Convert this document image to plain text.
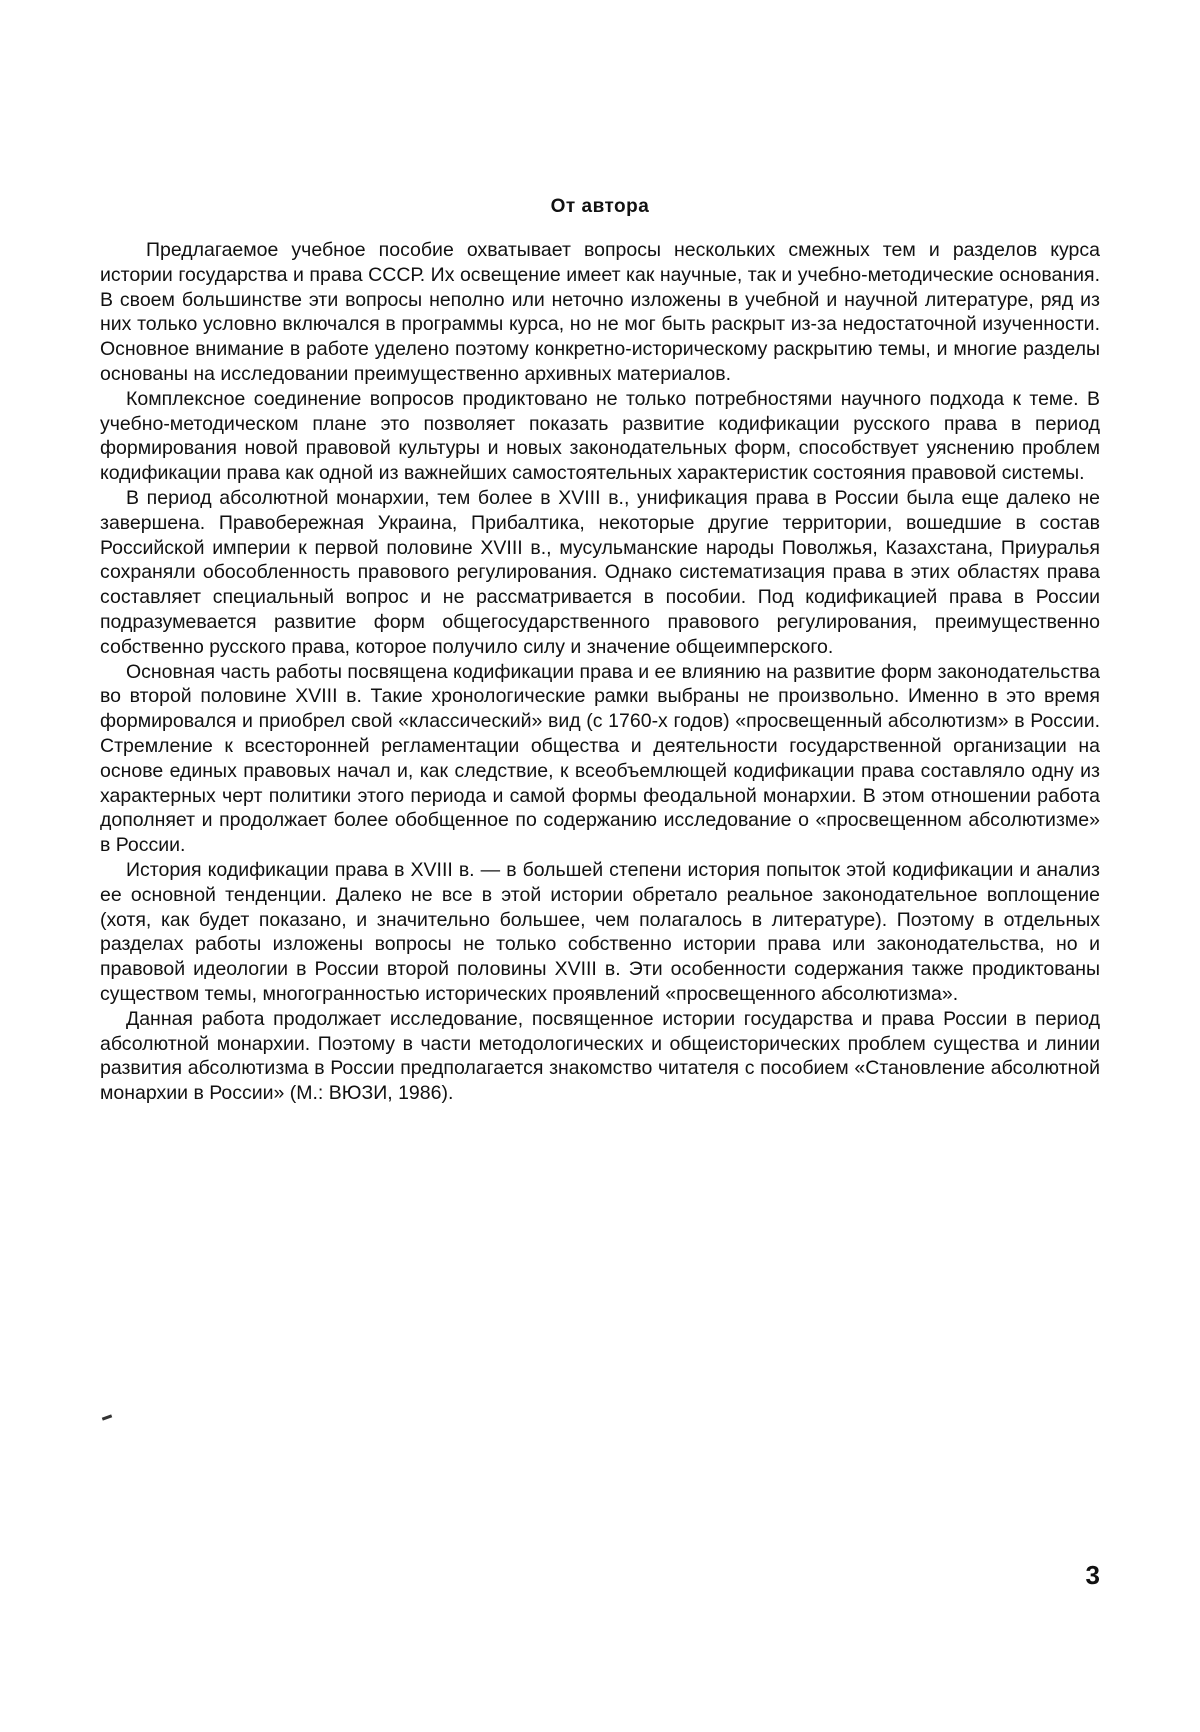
От автора

Предлагаемое учебное пособие охватывает вопросы нескольких смежных тем и разделов курса истории государства и права СССР. Их освещение имеет как научные, так и учебно-методические основания. В своем большинстве эти вопросы неполно или неточно изложены в учебной и научной литературе, ряд из них только условно включался в программы курса, но не мог быть раскрыт из-за недостаточной изученности. Основное внимание в работе уделено поэтому конкретно-историческому раскрытию темы, и многие разделы основаны на исследовании преимущественно архивных материалов.

Комплексное соединение вопросов продиктовано не только потребностями научного подхода к теме. В учебно-методическом плане это позволяет показать развитие кодификации русского права в период формирования новой правовой культуры и новых законодательных форм, способствует уяснению проблем кодификации права как одной из важнейших самостоятельных характеристик состояния правовой системы.

В период абсолютной монархии, тем более в XVIII в., унификация права в России была еще далеко не завершена. Правобережная Украина, Прибалтика, некоторые другие территории, вошедшие в состав Российской империи к первой половине XVIII в., мусульманские народы Поволжья, Казахстана, Приуралья сохраняли обособленность правового регулирования. Однако систематизация права в этих областях права составляет специальный вопрос и не рассматривается в пособии. Под кодификацией права в России подразумевается развитие форм общегосударственного правового регулирования, преимущественно собственно русского права, которое получило силу и значение общеимперского.

Основная часть работы посвящена кодификации права и ее влиянию на развитие форм законодательства во второй половине XVIII в. Такие хронологические рамки выбраны не произвольно. Именно в это время формировался и приобрел свой «классический» вид (с 1760-х годов) «просвещенный абсолютизм» в России. Стремление к всесторонней регламентации общества и деятельности государственной организации на основе единых правовых начал и, как следствие, к всеобъемлющей кодификации права составляло одну из характерных черт политики этого периода и самой формы феодальной монархии. В этом отношении работа дополняет и продолжает более обобщенное по содержанию исследование о «просвещенном абсолютизме» в России.

История кодификации права в XVIII в. — в большей степени история попыток этой кодификации и анализ ее основной тенденции. Далеко не все в этой истории обретало реальное законодательное воплощение (хотя, как будет показано, и значительно большее, чем полагалось в литературе). Поэтому в отдельных разделах работы изложены вопросы не только собственно истории права или законодательства, но и правовой идеологии в России второй половины XVIII в. Эти особенности содержания также продиктованы существом темы, многогранностью исторических проявлений «просвещенного абсолютизма».

Данная работа продолжает исследование, посвященное истории государства и права России в период абсолютной монархии. Поэтому в части методологических и общеисторических проблем существа и линии развития абсолютизма в России предполагается знакомство читателя с пособием «Становление абсолютной монархии в России» (М.: ВЮЗИ, 1986).

3
